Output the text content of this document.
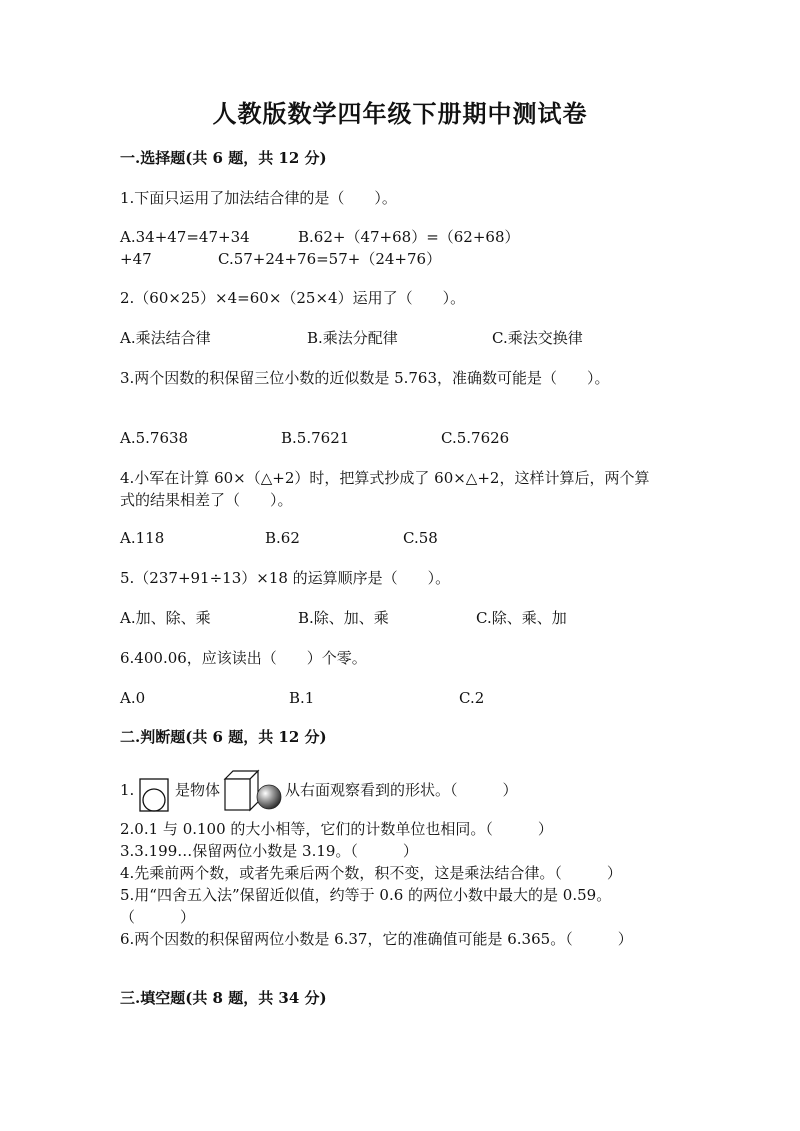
人教版数学四年级下册期中测试卷
一.选择题(共 6 题，共 12 分)
1.下面只运用了加法结合律的是（　　）。
A.34+47=47+34	B.62+（47+68）=（62+68）
+47	C.57+24+76=57+（24+76）
2.（60×25）×4=60×（25×4）运用了（　　）。
A.乘法结合律	B.乘法分配律	C.乘法交换律
3.两个因数的积保留三位小数的近似数是 5.763，准确数可能是（　　）。
A.5.7638	B.5.7621	C.5.7626
4.小军在计算 60×（△+2）时，把算式抄成了 60×△+2，这样计算后，两个算
式的结果相差了（　　）。
A.118	B.62	C.58
5.（237+91÷13）×18 的运算顺序是（　　）。
A.加、除、乘	B.除、加、乘	C.除、乘、加
6.400.06，应该读出（　　）个零。
A.0	B.1	C.2
二.判断题(共 6 题，共 12 分)
1.	是物体	从右面观察看到的形状。（　　　）
2.0.1 与 0.100 的大小相等，它们的计数单位也相同。（　　　）
3.3.199…保留两位小数是 3.19。（　　　）
4.先乘前两个数，或者先乘后两个数，积不变，这是乘法结合律。（　　　）
5.用“四舍五入法”保留近似值，约等于 0.6 的两位小数中最大的是 0.59。
（　　　）
6.两个因数的积保留两位小数是 6.37，它的准确值可能是 6.365。（　　　）
三.填空题(共 8 题，共 34 分)
